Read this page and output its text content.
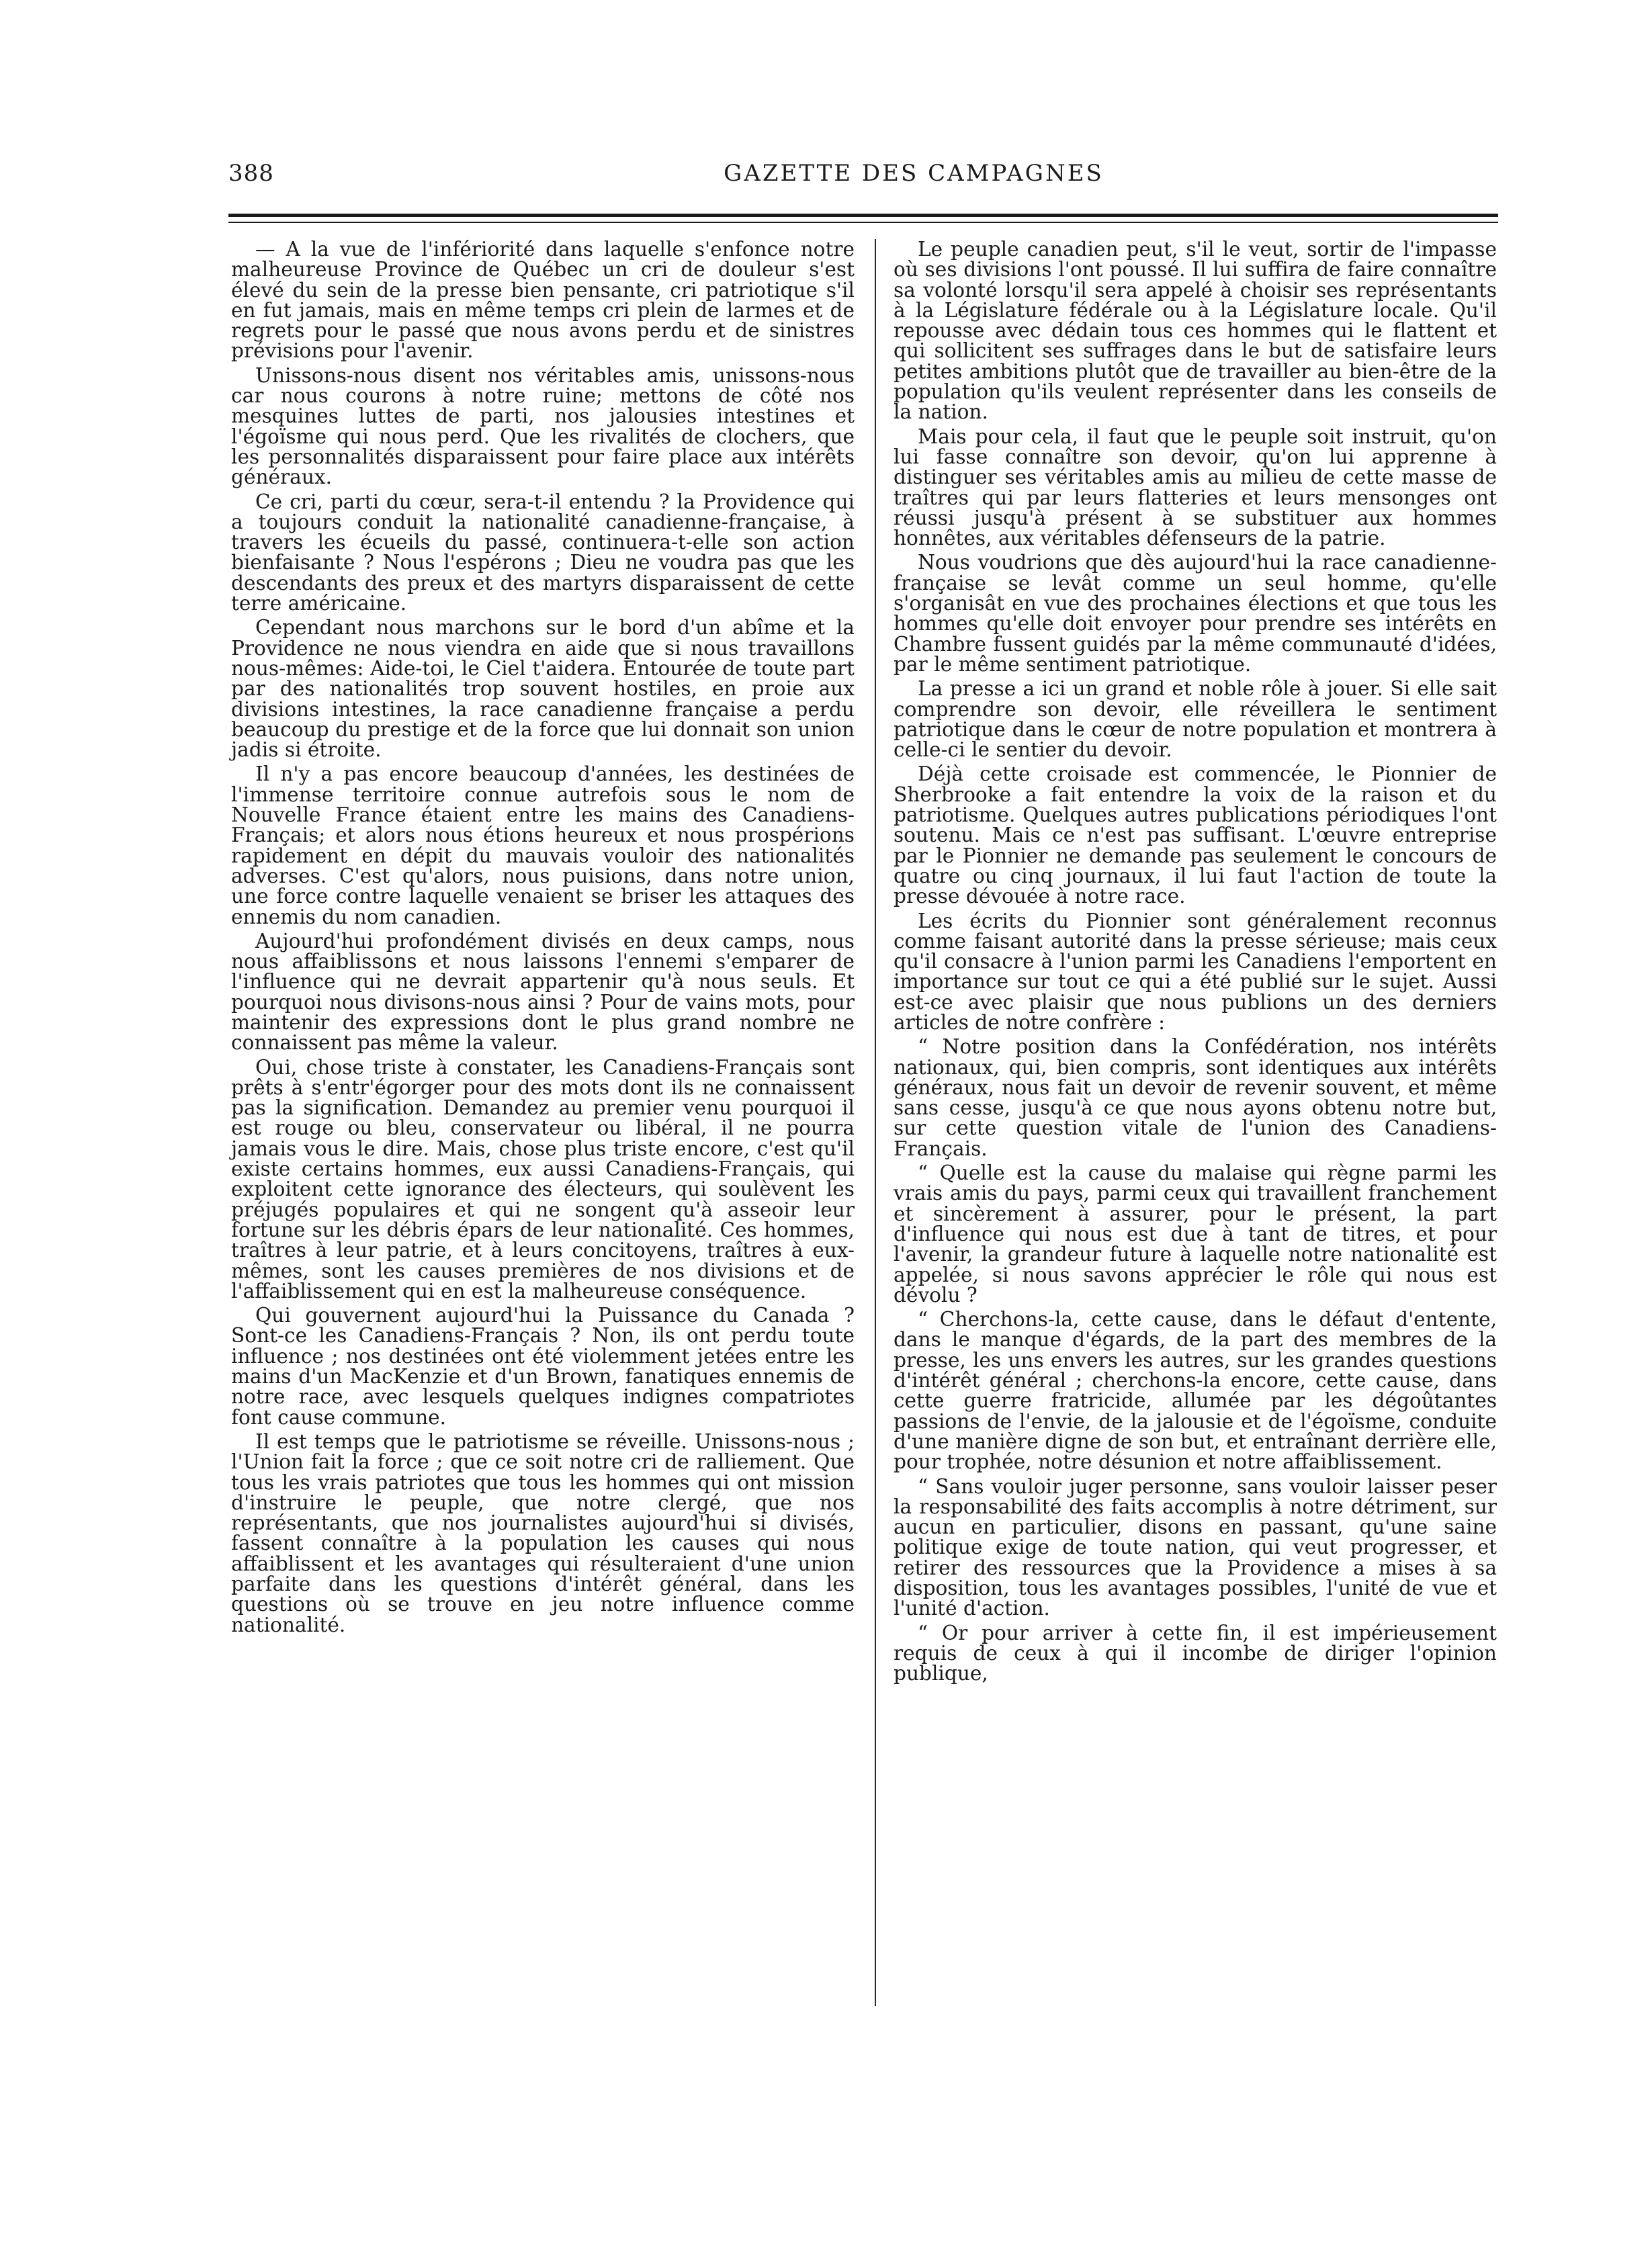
388	GAZETTE DES CAMPAGNES

— A la vue de l'infériorité dans laquelle s'enfonce notre malheureuse Province de Québec un cri de douleur s'est élevé du sein de la presse bien pensante, cri patriotique s'il en fut jamais, mais en même temps cri plein de larmes et de regrets pour le passé que nous avons perdu et de sinistres prévisions pour l'avenir.

Unissons-nous disent nos véritables amis, unissons-nous car nous courons à notre ruine; mettons de côté nos mesquines luttes de parti, nos jalousies intestines et l'égoïsme qui nous perd. Que les rivalités de clochers, que les personnalités disparaissent pour faire place aux intérêts généraux.

Ce cri, parti du cœur, sera-t-il entendu ? la Providence qui a toujours conduit la nationalité canadienne-française, à travers les écueils du passé, continuera-t-elle son action bienfaisante ? Nous l'espérons ; Dieu ne voudra pas que les descendants des preux et des martyrs disparaissent de cette terre américaine.

Cependant nous marchons sur le bord d'un abîme et la Providence ne nous viendra en aide que si nous travaillons nous-mêmes: Aide-toi, le Ciel t'aidera. Entourée de toute part par des nationalités trop souvent hostiles, en proie aux divisions intestines, la race canadienne française a perdu beaucoup du prestige et de la force que lui donnait son union jadis si étroite.

Il n'y a pas encore beaucoup d'années, les destinées de l'immense territoire connue autrefois sous le nom de Nouvelle France étaient entre les mains des Canadiens-Français; et alors nous étions heureux et nous prospérions rapidement en dépit du mauvais vouloir des nationalités adverses. C'est qu'alors, nous puisions, dans notre union, une force contre laquelle venaient se briser les attaques des ennemis du nom canadien.

Aujourd'hui profondément divisés en deux camps, nous nous affaiblissons et nous laissons l'ennemi s'emparer de l'influence qui ne devrait appartenir qu'à nous seuls. Et pourquoi nous divisons-nous ainsi ? Pour de vains mots, pour maintenir des expressions dont le plus grand nombre ne connaissent pas même la valeur.

Oui, chose triste à constater, les Canadiens-Français sont prêts à s'entr'égorger pour des mots dont ils ne connaissent pas la signification. Demandez au premier venu pourquoi il est rouge ou bleu, conservateur ou libéral, il ne pourra jamais vous le dire. Mais, chose plus triste encore, c'est qu'il existe certains hommes, eux aussi Canadiens-Français, qui exploitent cette ignorance des électeurs, qui soulèvent les préjugés populaires et qui ne songent qu'à asseoir leur fortune sur les débris épars de leur nationalité. Ces hommes, traîtres à leur patrie, et à leurs concitoyens, traîtres à eux-mêmes, sont les causes premières de nos divisions et de l'affaiblissement qui en est la malheureuse conséquence.

Qui gouvernent aujourd'hui la Puissance du Canada ? Sont-ce les Canadiens-Français ? Non, ils ont perdu toute influence ; nos destinées ont été violemment jetées entre les mains d'un MacKenzie et d'un Brown, fanatiques ennemis de notre race, avec lesquels quelques indignes compatriotes font cause commune.

Il est temps que le patriotisme se réveille. Unissons-nous ; l'Union fait la force ; que ce soit notre cri de ralliement. Que tous les vrais patriotes que tous les hommes qui ont mission d'instruire le peuple, que notre clergé, que nos représentants, que nos journalistes aujourd'hui si divisés, fassent connaître à la population les causes qui nous affaiblissent et les avantages qui résulteraient d'une union parfaite dans les questions d'intérêt général, dans les questions où se trouve en jeu notre influence comme nationalité.

Le peuple canadien peut, s'il le veut, sortir de l'impasse où ses divisions l'ont poussé. Il lui suffira de faire connaître sa volonté lorsqu'il sera appelé à choisir ses représentants à la Législature fédérale ou à la Législature locale. Qu'il repousse avec dédain tous ces hommes qui le flattent et qui sollicitent ses suffrages dans le but de satisfaire leurs petites ambitions plutôt que de travailler au bien-être de la population qu'ils veulent représenter dans les conseils de la nation.

Mais pour cela, il faut que le peuple soit instruit, qu'on lui fasse connaître son devoir, qu'on lui apprenne à distinguer ses véritables amis au milieu de cette masse de traîtres qui par leurs flatteries et leurs mensonges ont réussi jusqu'à présent à se substituer aux hommes honnêtes, aux véritables défenseurs de la patrie.

Nous voudrions que dès aujourd'hui la race canadienne-française se levât comme un seul homme, qu'elle s'organisât en vue des prochaines élections et que tous les hommes qu'elle doit envoyer pour prendre ses intérêts en Chambre fussent guidés par la même communauté d'idées, par le même sentiment patriotique.

La presse a ici un grand et noble rôle à jouer. Si elle sait comprendre son devoir, elle réveillera le sentiment patriotique dans le cœur de notre population et montrera à celle-ci le sentier du devoir.

Déjà cette croisade est commencée, le Pionnier de Sherbrooke a fait entendre la voix de la raison et du patriotisme. Quelques autres publications périodiques l'ont soutenu. Mais ce n'est pas suffisant. L'œuvre entreprise par le Pionnier ne demande pas seulement le concours de quatre ou cinq journaux, il lui faut l'action de toute la presse dévouée à notre race.

Les écrits du Pionnier sont généralement reconnus comme faisant autorité dans la presse sérieuse; mais ceux qu'il consacre à l'union parmi les Canadiens l'emportent en importance sur tout ce qui a été publié sur le sujet. Aussi est-ce avec plaisir que nous publions un des derniers articles de notre confrère :

“ Notre position dans la Confédération, nos intérêts nationaux, qui, bien compris, sont identiques aux intérêts généraux, nous fait un devoir de revenir souvent, et même sans cesse, jusqu'à ce que nous ayons obtenu notre but, sur cette question vitale de l'union des Canadiens-Français.

“ Quelle est la cause du malaise qui règne parmi les vrais amis du pays, parmi ceux qui travaillent franchement et sincèrement à assurer, pour le présent, la part d'influence qui nous est due à tant de titres, et pour l'avenir, la grandeur future à laquelle notre nationalité est appelée, si nous savons apprécier le rôle qui nous est dévolu ?

“ Cherchons-la, cette cause, dans le défaut d'entente, dans le manque d'égards, de la part des membres de la presse, les uns envers les autres, sur les grandes questions d'intérêt général ; cherchons-la encore, cette cause, dans cette guerre fratricide, allumée par les dégoûtantes passions de l'envie, de la jalousie et de l'égoïsme, conduite d'une manière digne de son but, et entraînant derrière elle, pour trophée, notre désunion et notre affaiblissement.

“ Sans vouloir juger personne, sans vouloir laisser peser la responsabilité des faits accomplis à notre détriment, sur aucun en particulier, disons en passant, qu'une saine politique exige de toute nation, qui veut progresser, et retirer des ressources que la Providence a mises à sa disposition, tous les avantages possibles, l'unité de vue et l'unité d'action.

“ Or pour arriver à cette fin, il est impérieusement requis de ceux à qui il incombe de diriger l'opinion publique,
